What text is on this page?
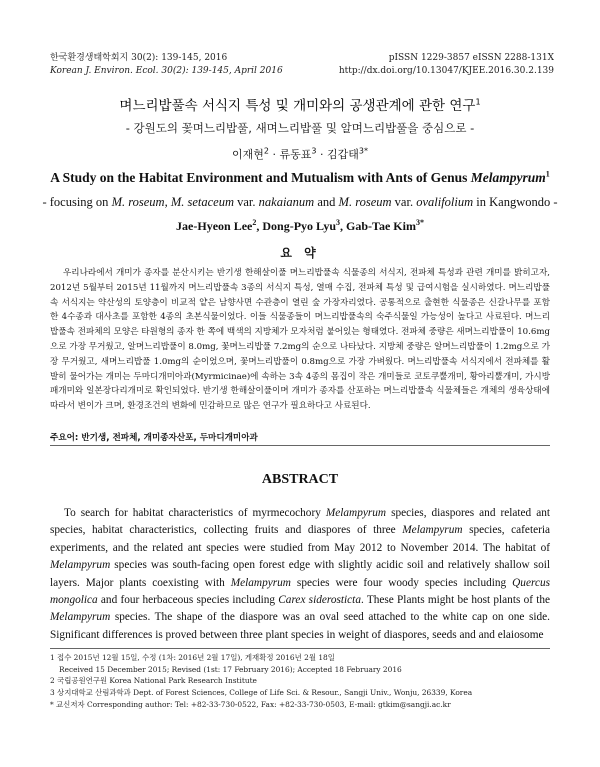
한국환경생태학회지 30(2): 139-145, 2016
Korean J. Environ. Ecol. 30(2): 139-145, April 2016
pISSN 1229-3857 eISSN 2288-131X
http://dx.doi.org/10.13047/KJEE.2016.30.2.139
며느리밥풀속 서식지 특성 및 개미와의 공생관계에 관한 연구$^1$
- 강원도의 꽃며느리밥풀, 새며느리밥풀 및 알며느리밥풀을 중심으로 -
이재현$^2$ · 류동표$^3$ · 김갑태$^{3*}$
A Study on the Habitat Environment and Mutualism with Ants of Genus Melampyrum$^1$
- focusing on M. roseum, M. setaceum var. nakaianum and M. roseum var. ovalifolium in Kangwondo -
Jae-Hyeon Lee$^2$, Dong-Pyo Lyu$^3$, Gab-Tae Kim$^{3*}$
요 약
우리나라에서 개미가 종자를 분산시키는 반기생 한해살이풀 며느리밥풀속 식물종의 서식지, 전파체 특성과 관련 개미를 밝히고자, 2012년 5월부터 2015년 11월까지 며느리밥풀속 3종의 서식지 특성, 열매 수집, 전파체 특성 및 급여시험을 실시하였다. 며느리밥풀속 서식지는 약산성의 토양층이 비교적 얕은 남향사면 수관층이 열린 숲 가장자리였다. 공통적으로 출현한 식물종은 신갈나무를 포함한 4수종과 대사초를 포함한 4종의 초본식물이었다. 이들 식물종들이 며느리밥풀속의 숙주식물일 가능성이 높다고 사료된다. 며느리밥풀속 전파체의 모양은 타원형의 종자 한 쪽에 백색의 지방체가 모자처럼 붙어있는 형태였다. 전파체 중량은 새며느리밥풀이 10.6mg으로 가장 무거웠고, 알며느리밥풀이 8.0mg, 꽃며느리밥풀 7.2mg의 순으로 나타났다. 지방체 중량은 알며느리밥풀이 1.2mg으로 가장 무거웠고, 새며느리밥풀 1.0mg의 순이었으며, 꽃며느리밥풀이 0.8mg으로 가장 가벼웠다. 며느리밥풀속 서식지에서 전파체를 활발히 물어가는 개미는 두마디개미아과(Myrmicinae)에 속하는 3속 4종의 몸집이 작은 개미들로 코토쿠뿔개미, 황아리뿔개미, 가시방패개미와 일본장다리개미로 확인되었다. 반기생 한해살이풀이며 개미가 종자를 산포하는 며느리밥풀속 식물체들은 개체의 생육상태에 따라서 변이가 크며, 환경조건의 변화에 민감하므로 많은 연구가 필요하다고 사료된다.
주요어: 반기생, 전파체, 개미종자산포, 두마디개미아과
ABSTRACT
To search for habitat characteristics of myrmecochory Melampyrum species, diaspores and related ant species, habitat characteristics, collecting fruits and diaspores of three Melampyrum species, cafeteria experiments, and the related ant species were studied from May 2012 to November 2014. The habitat of Melampyrum species was south-facing open forest edge with slightly acidic soil and relatively shallow soil layers. Major plants coexisting with Melampyrum species were four woody species including Quercus mongolica and four herbaceous species including Carex siderosticta. These Plants might be host plants of the Melampyrum species. The shape of the diaspore was an oval seed attached to the white cap on one side. Significant differences is proved between three plant species in weight of diaspores, seeds and and elaiosome
1 접수 2015년 12월 15일, 수정 (1차: 2016년 2월 17일), 게재확정 2016년 2월 18일
Received 15 December 2015; Revised (1st: 17 February 2016); Accepted 18 February 2016
2 국립공원연구원 Korea National Park Research Institute
3 상지대학교 산림과학과 Dept. of Forest Sciences, College of Life Sci. & Resour., Sangji Univ., Wonju, 26339, Korea
* 교신저자 Corresponding author: Tel: +82-33-730-0522, Fax: +82-33-730-0503, E-mail: gtkim@sangji.ac.kr
